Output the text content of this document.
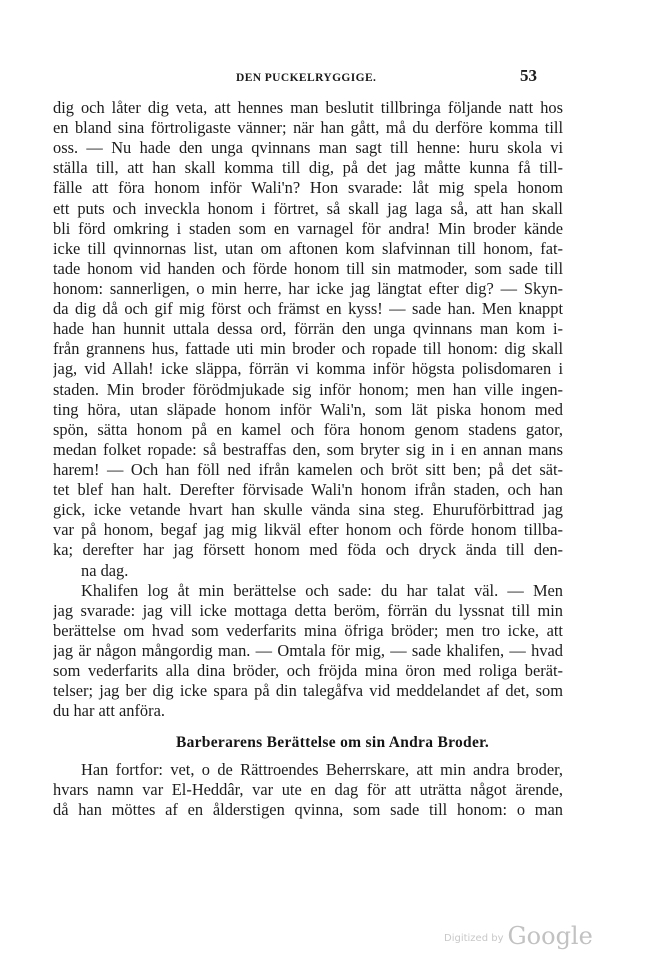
DEN PUCKELRYGGIGE.	53
dig och låter dig veta, att hennes man beslutit tillbringa följande natt hos
en bland sina förtroligaste vänner; när han gått, må du derföre komma till
oss. — Nu hade den unga qvinnans man sagt till henne: huru skola vi
ställa till, att han skall komma till dig, på det jag måtte kunna få till-
fälle att föra honom inför Wali'n? Hon svarade: låt mig spela honom
ett puts och inveckla honom i förtret, så skall jag laga så, att han skall
bli förd omkring i staden som en varnagel för andra! Min broder kände
icke till qvinnornas list, utan om aftonen kom slafvinnan till honom, fat-
tade honom vid handen och förde honom till sin matmoder, som sade till
honom: sannerligen, o min herre, har icke jag längtat efter dig? — Skyn-
da dig då och gif mig först och främst en kyss! — sade han. Men knappt
hade han hunnit uttala dessa ord, förrän den unga qvinnans man kom i-
från grannens hus, fattade uti min broder och ropade till honom: dig skall
jag, vid Allah! icke släppa, förrän vi komma inför högsta polisdomaren i
staden. Min broder förödmjukade sig inför honom; men han ville ingen-
ting höra, utan släpade honom inför Wali'n, som lät piska honom med
spön, sätta honom på en kamel och föra honom genom stadens gator,
medan folket ropade: så bestraffas den, som bryter sig in i en annan mans
harem! — Och han föll ned ifrån kamelen och bröt sitt ben; på det sät-
tet blef han halt. Derefter förvisade Wali'n honom ifrån staden, och han
gick, icke vetande hvart han skulle vända sina steg. Ehuruförbittrad jag
var på honom, begaf jag mig likväl efter honom och förde honom tillba-
ka; derefter har jag försett honom med föda och dryck ända till den-
na dag.
Khalifen log åt min berättelse och sade: du har talat väl. — Men
jag svarade: jag vill icke mottaga detta beröm, förrän du lyssnat till min
berättelse om hvad som vederfarits mina öfriga bröder; men tro icke, att
jag är någon mångordig man. — Omtala för mig, — sade khalifen, — hvad
som vederfarits alla dina bröder, och fröjda mina öron med roliga berät-
telser; jag ber dig icke spara på din talegåfva vid meddelandet af det, som
du har att anföra.
Barberarens Berättelse om sin Andra Broder.
Han fortfor: vet, o de Rättroendes Beherrskare, att min andra broder,
hvars namn var El-Heddâr, var ute en dag för att uträtta något ärende,
då han möttes af en ålderstigen qvinna, som sade till honom: o man
Digitized by Google
